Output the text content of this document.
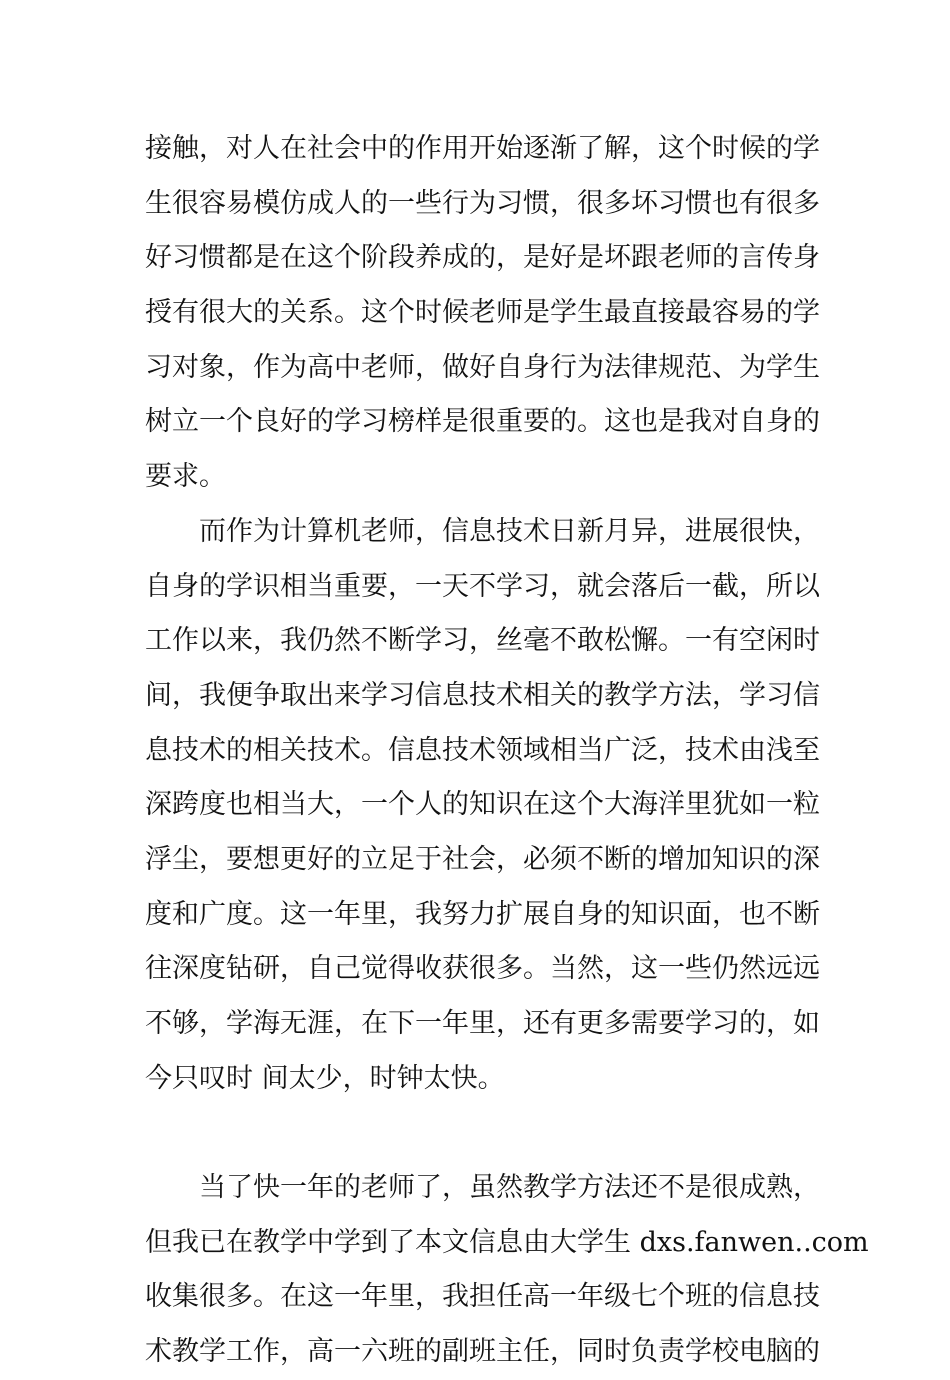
接触，对人在社会中的作用开始逐渐了解，这个时候的学
生很容易模仿成人的一些行为习惯，很多坏习惯也有很多
好习惯都是在这个阶段养成的，是好是坏跟老师的言传身
授有很大的关系。这个时候老师是学生最直接最容易的学
习对象，作为高中老师，做好自身行为法律规范、为学生
树立一个良好的学习榜样是很重要的。这也是我对自身的
要求。
而作为计算机老师，信息技术日新月异，进展很快，
自身的学识相当重要，一天不学习，就会落后一截，所以
工作以来，我仍然不断学习，丝毫不敢松懈。一有空闲时
间，我便争取出来学习信息技术相关的教学方法，学习信
息技术的相关技术。信息技术领域相当广泛，技术由浅至
深跨度也相当大，一个人的知识在这个大海洋里犹如一粒
浮尘，要想更好的立足于社会，必须不断的增加知识的深
度和广度。这一年里，我努力扩展自身的知识面，也不断
往深度钻研，自己觉得收获很多。当然，这一些仍然远远
不够，学海无涯，在下一年里，还有更多需要学习的，如
今只叹时 间太少，时钟太快。
当了快一年的老师了，虽然教学方法还不是很成熟，
但我已在教学中学到了本文信息由大学生 dxs.fanwen..com
收集很多。在这一年里，我担任高一年级七个班的信息技
术教学工作，高一六班的副班主任，同时负责学校电脑的
